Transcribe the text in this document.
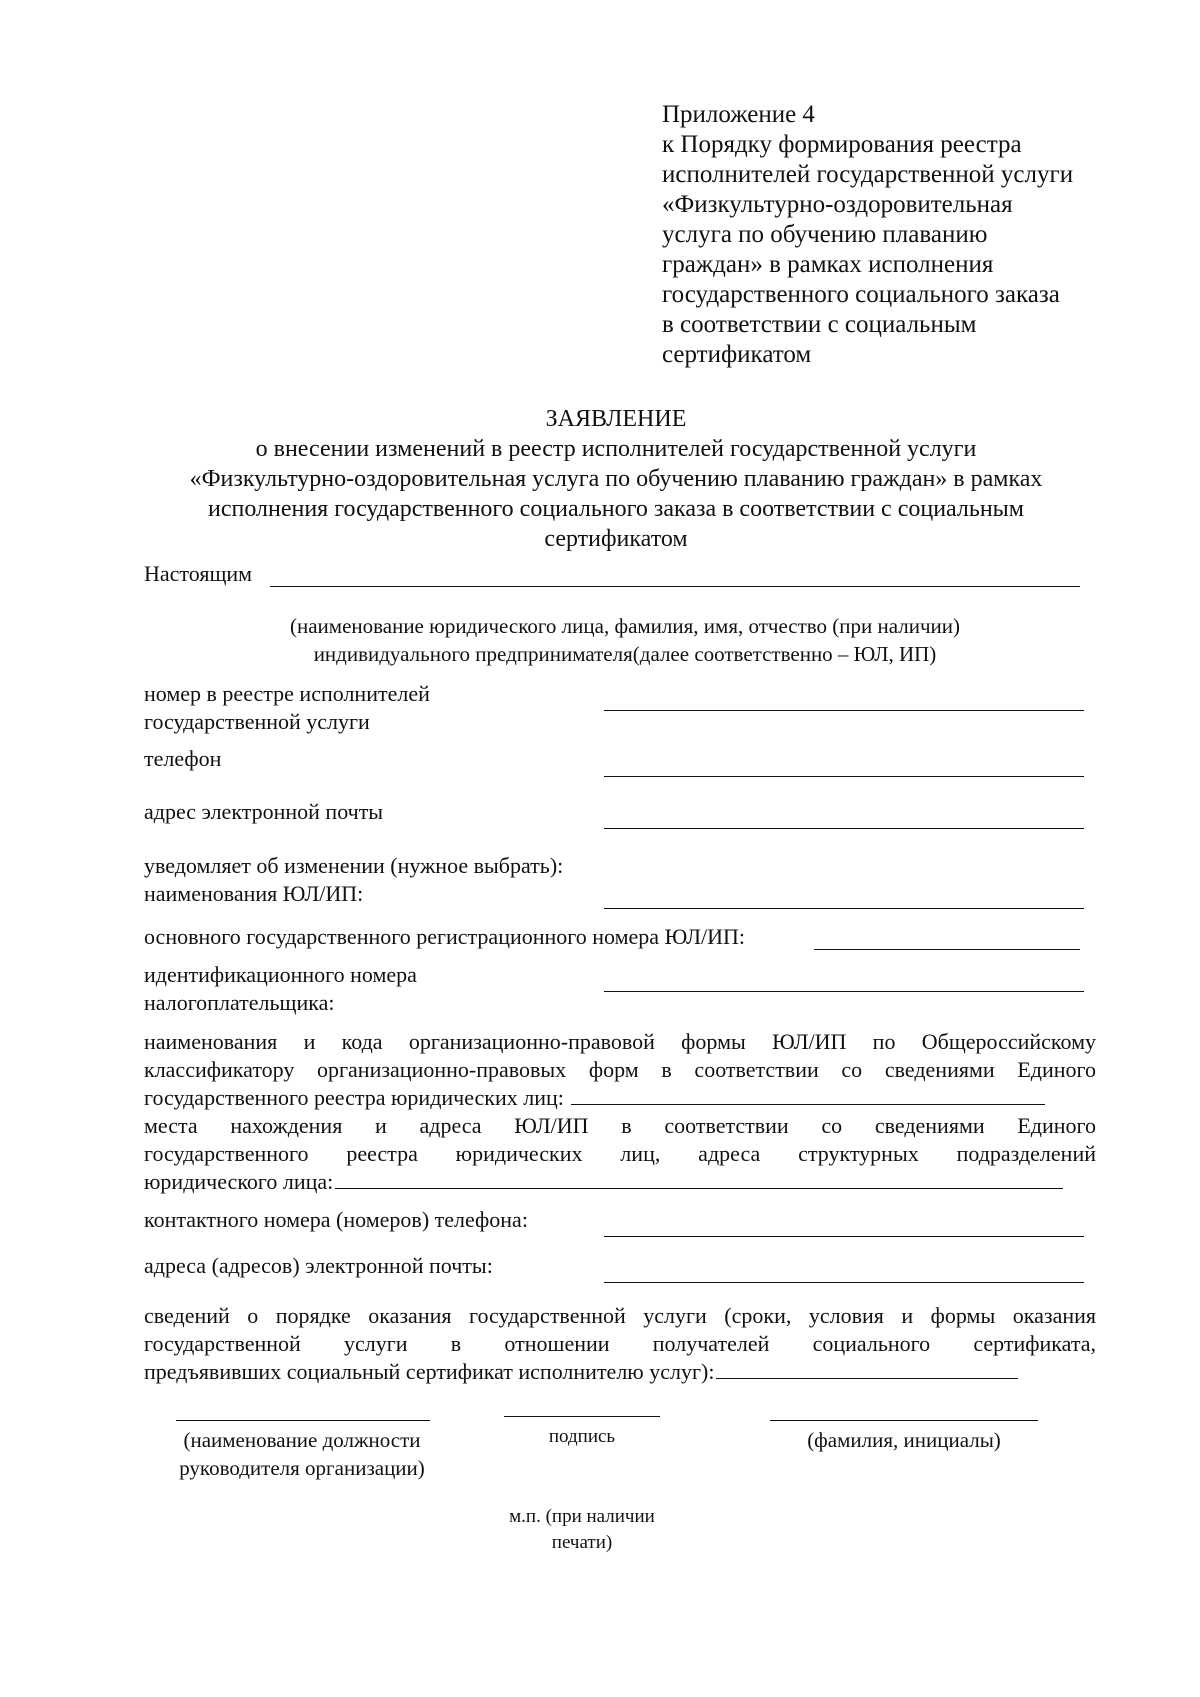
Приложение 4
к Порядку формирования реестра
исполнителей государственной услуги
«Физкультурно-оздоровительная
услуга по обучению плаванию
граждан» в рамках исполнения
государственного социального заказа
в соответствии с социальным
сертификатом
ЗАЯВЛЕНИЕ
о внесении изменений в реестр исполнителей государственной услуги
«Физкультурно-оздоровительная услуга по обучению плаванию граждан» в рамках
исполнения государственного социального заказа в соответствии с социальным
сертификатом
Настоящим
(наименование юридического лица, фамилия, имя, отчество (при наличии)
индивидуального предпринимателя(далее соответственно – ЮЛ, ИП)
номер в реестре исполнителей
государственной услуги
телефон
адрес электронной почты
уведомляет об изменении (нужное выбрать):
наименования ЮЛ/ИП:
основного государственного регистрационного номера ЮЛ/ИП:
идентификационного номера
налогоплательщика:
наименования и кода организационно-правовой формы ЮЛ/ИП по Общероссийскому
классификатору организационно-правовых форм в соответствии со сведениями Единого
государственного реестра юридических лиц:
места нахождения и адреса ЮЛ/ИП в соответствии со сведениями Единого
государственного реестра юридических лиц, адреса структурных подразделений
юридического лица:
контактного номера (номеров) телефона:
адреса (адресов) электронной почты:
сведений о порядке оказания государственной услуги (сроки, условия и формы оказания
государственной услуги в отношении получателей социального сертификата,
предъявивших социальный сертификат исполнителю услуг):
(наименование должности
руководителя организации)
подпись	(фамилия, инициалы)
м.п. (при наличии
печати)
